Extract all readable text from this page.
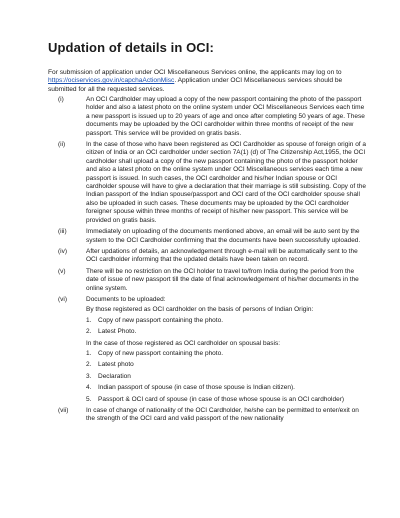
Updation of details in OCI:

For submission of application under OCI Miscellaneous Services online, the applicants may log on to https://ociservices.gov.in/capchaActionMisc. Application under OCI Miscellaneous services should be submitted for all the requested services.

(i)	An OCI Cardholder may upload a copy of the new passport containing the photo of the passport holder and also a latest photo on the online system under OCI Miscellaneous Services each time a new passport is issued up to 20 years of age and once after completing 50 years of age. These documents may be uploaded by the OCI cardholder within three months of receipt of the new passport. This service will be provided on gratis basis.
(ii)	In the case of those who have been registered as OCI Cardholder as spouse of foreign origin of a citizen of India or an OCI cardholder under section 7A(1) (d) of The Citizenship Act,1955, the OCI cardholder shall upload a copy of the new passport containing the photo of the passport holder and also a latest photo on the online system under OCI Miscellaneous services each time a new passport is issued. In such cases, the OCI cardholder and his/her Indian spouse or OCI cardholder spouse will have to give a declaration that their marriage is still subsisting. Copy of the Indian passport of the Indian spouse/passport and OCI card of the OCI cardholder spouse shall also be uploaded in such cases. These documents may be uploaded by the OCI cardholder foreigner spouse within three months of receipt of his/her new passport. This service will be provided on gratis basis.
(iii)	Immediately on uploading of the documents mentioned above, an email will be auto sent by the system to the OCI Cardholder confirming that the documents have been successfully uploaded.
(iv)	After updations of details, an acknowledgement through e-mail will be automatically sent to the OCI cardholder informing that the updated details have been taken on record.
(v)	There will be no restriction on the OCI holder to travel to/from India during the period from the date of issue of new passport till the date of final acknowledgement of his/her documents in the online system.
(vi)	Documents to be uploaded:
By those registered as OCI cardholder on the basis of persons of Indian Origin:
1.	Copy of new passport containing the photo.
2.	Latest Photo.
In the case of those registered as OCI cardholder on spousal basis:
1.	Copy of new passport containing the photo.
2.	Latest photo
3.	Declaration
4.	Indian passport of spouse (in case of those spouse is Indian citizen).
5.	Passport & OCI card of spouse (in case of those whose spouse is an OCI cardholder)
(vii)	In case of change of nationality of the OCI Cardholder, he/she can be permitted to enter/exit on the strength of the OCI card and valid passport of the new nationality
